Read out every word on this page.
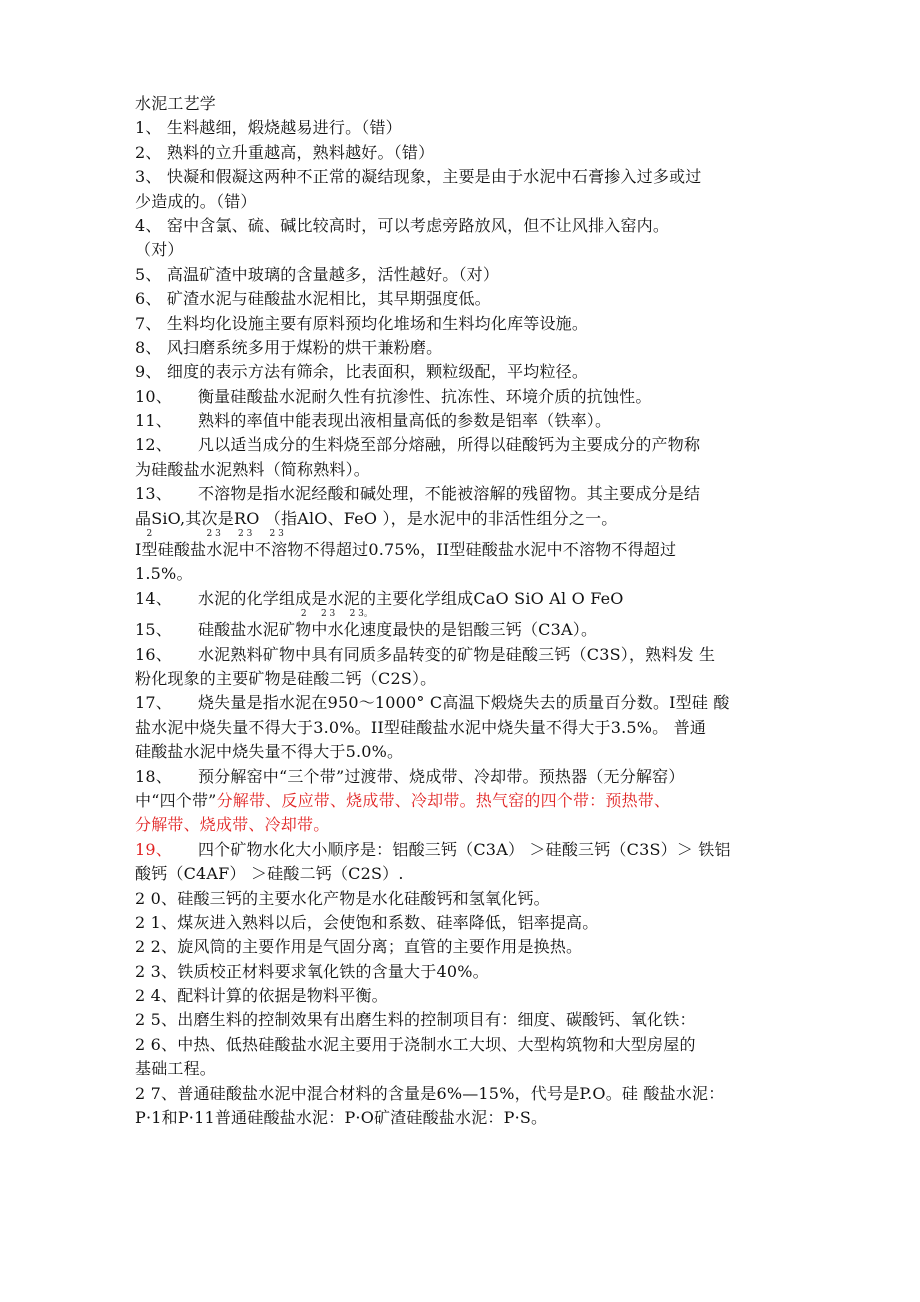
水泥工艺学
1、 生料越细，煅烧越易进行。（错）
2、 熟料的立升重越高，熟料越好。（错）
3、 快凝和假凝这两种不正常的凝结现象，主要是由于水泥中石膏掺入过多或过
少造成的。（错）
4、 窑中含氯、硫、碱比较高时，可以考虑旁路放风，但不让风排入窑内。
（对）
5、 高温矿渣中玻璃的含量越多，活性越好。（对）
6、 矿渣水泥与硅酸盐水泥相比，其早期强度低。
7、 生料均化设施主要有原料预均化堆场和生料均化库等设施。
8、 风扫磨系统多用于煤粉的烘干兼粉磨。
9、 细度的表示方法有筛余，比表面积，颗粒级配，平均粒径。
10、 衡量硅酸盐水泥耐久性有抗渗性、抗冻性、环境介质的抗蚀性。
11、 熟料的率值中能表现出液相量高低的参数是铝率（铁率）。
12、 凡以适当成分的生料烧至部分熔融，所得以硅酸钙为主要成分的产物称
为硅酸盐水泥熟料（简称熟料）。
13、 不溶物是指水泥经酸和碱处理，不能被溶解的残留物。其主要成分是结
晶SiO,其次是RO （指AlO、FeO ），是水泥中的非活性组分之一。
2                   2 3      2 3      2 3
I型硅酸盐水泥中不溶物不得超过0.75%，II型硅酸盐水泥中不溶物不得超过
1.5%。
14、 水泥的化学组成是水泥的主要化学组成CaO SiO Al O FeO
2     2 3     2 3。
15、 硅酸盐水泥矿物中水化速度最快的是铝酸三钙（C3A）。
16、 水泥熟料矿物中具有同质多晶转变的矿物是硅酸三钙（C3S），熟料发 生
粉化现象的主要矿物是硅酸二钙（C2S）。
17、 烧失量是指水泥在950～1000° C高温下煅烧失去的质量百分数。I型硅 酸
盐水泥中烧失量不得大于3.0%。II型硅酸盐水泥中烧失量不得大于3.5%。 普通
硅酸盐水泥中烧失量不得大于5.0%。
18、 预分解窑中“三个带”过渡带、烧成带、冷却带。预热器（无分解窑）
中“四个带”分解带、反应带、烧成带、冷却带。热气窑的四个带：预热带、
分解带、烧成带、冷却带。
19、 四个矿物水化大小顺序是：铝酸三钙（C3A） ＞硅酸三钙（C3S）＞ 铁铝
酸钙（C4AF） ＞硅酸二钙（C2S）.
2 0、硅酸三钙的主要水化产物是水化硅酸钙和氢氧化钙。
2 1、煤灰进入熟料以后，会使饱和系数、硅率降低，铝率提高。
2 2、旋风筒的主要作用是气固分离；直管的主要作用是换热。
2 3、铁质校正材料要求氧化铁的含量大于40%。
2 4、配料计算的依据是物料平衡。
2 5、出磨生料的控制效果有出磨生料的控制项目有：细度、碳酸钙、氧化铁：
2 6、中热、低热硅酸盐水泥主要用于浇制水工大坝、大型构筑物和大型房屋的
基础工程。
2 7、普通硅酸盐水泥中混合材料的含量是6%—15%，代号是P.O。硅 酸盐水泥：
P·1和P·11普通硅酸盐水泥：P·O矿渣硅酸盐水泥：P·S。
